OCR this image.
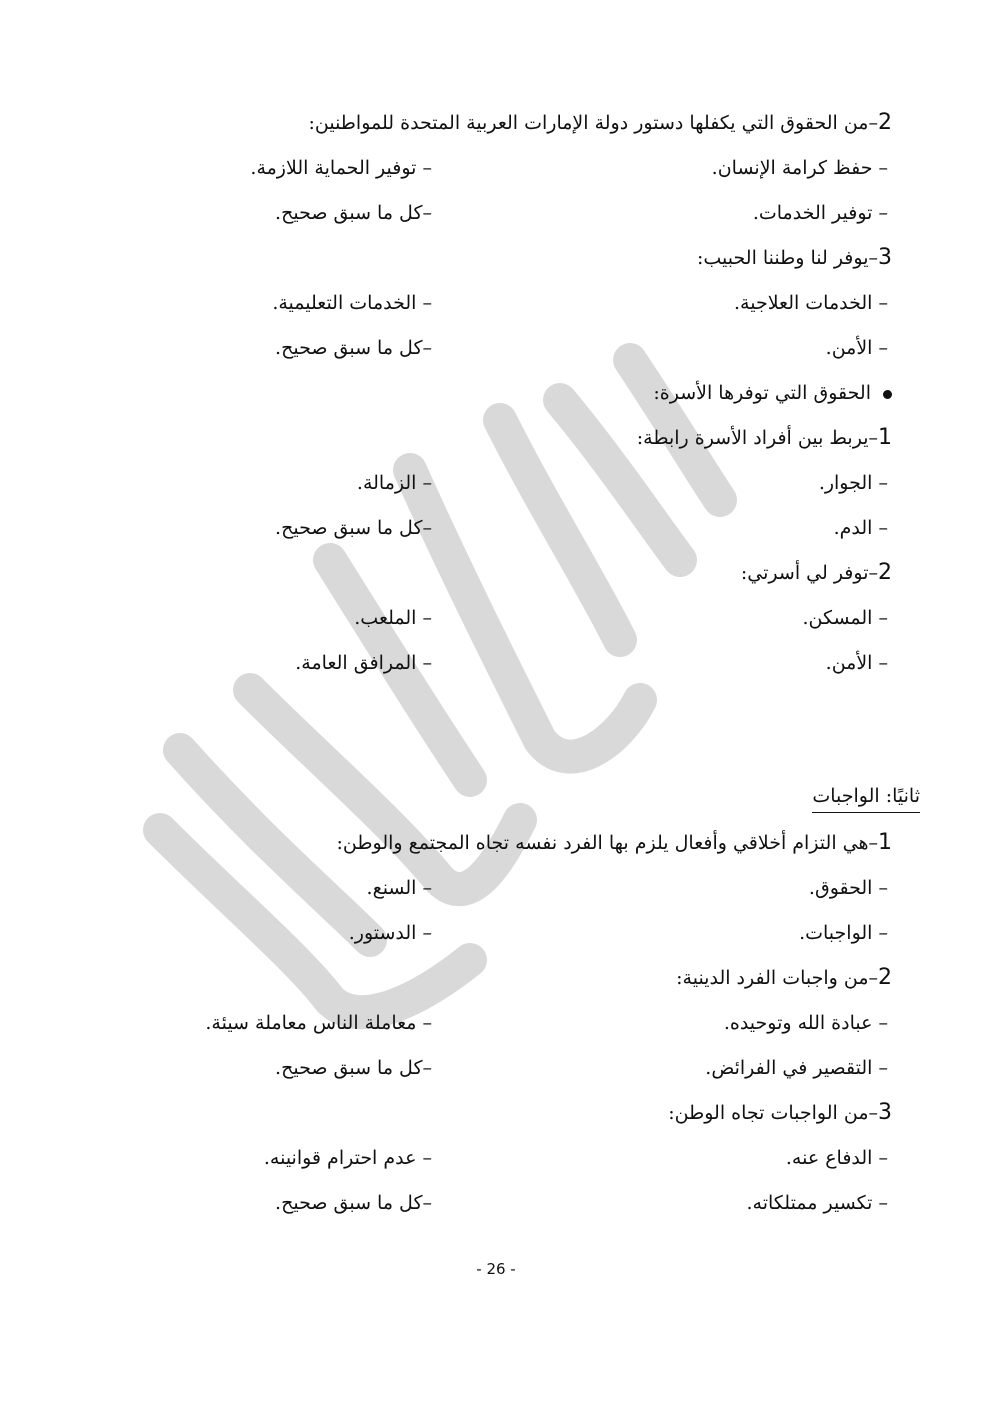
2–من الحقوق التي يكفلها دستور دولة الإمارات العربية المتحدة للمواطنين:
– حفظ كرامة الإنسان.
– توفير الحماية اللازمة.
– توفير الخدمات.
–كل ما سبق صحيح.
3–يوفر لنا وطننا الحبيب:
– الخدمات العلاجية.
– الخدمات التعليمية.
– الأمن.
–كل ما سبق صحيح.
الحقوق التي توفرها الأسرة:
1–يربط بين أفراد الأسرة رابطة:
– الجوار.
– الزمالة.
– الدم.
–كل ما سبق صحيح.
2–توفر لي أسرتي:
– المسكن.
– الملعب.
– الأمن.
– المرافق العامة.
ثانيًا: الواجبات
1–هي التزام أخلاقي وأفعال يلزم بها الفرد نفسه تجاه المجتمع والوطن:
– الحقوق.
– السنع.
– الواجبات.
– الدستور.
2–من واجبات الفرد الدينية:
– عبادة الله وتوحيده.
– معاملة الناس معاملة سيئة.
– التقصير في الفرائض.
–كل ما سبق صحيح.
3–من الواجبات تجاه الوطن:
– الدفاع عنه.
– عدم احترام قوانينه.
– تكسير ممتلكاته.
–كل ما سبق صحيح.
- 26 -
